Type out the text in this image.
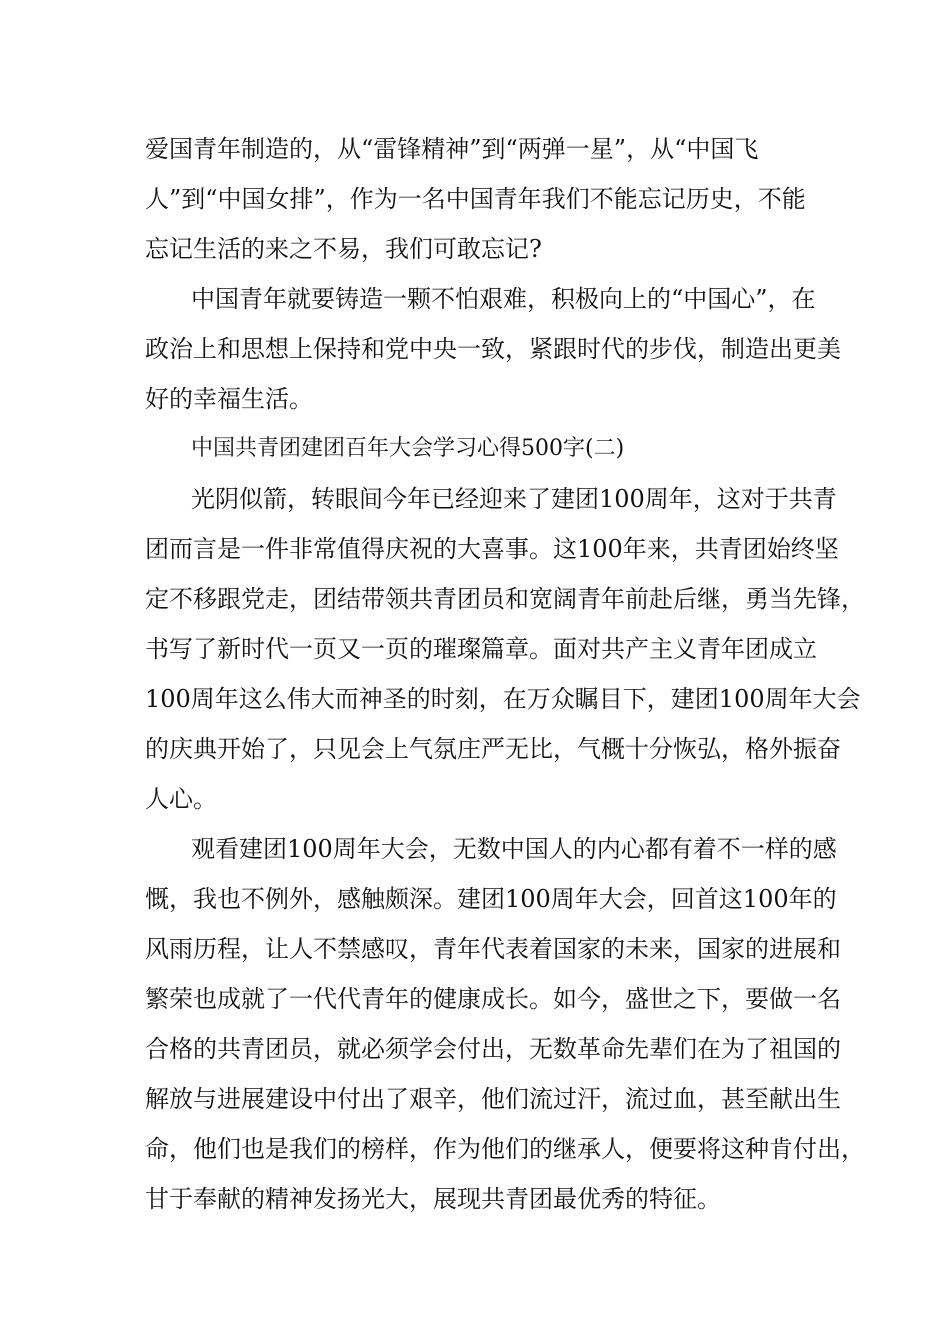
爱国青年制造的，从“雷锋精神”到“两弹一星”，从“中国飞
人”到“中国女排”，作为一名中国青年我们不能忘记历史，不能
忘记生活的来之不易，我们可敢忘记?
中国青年就要铸造一颗不怕艰难，积极向上的“中国心”，在
政治上和思想上保持和党中央一致，紧跟时代的步伐，制造出更美
好的幸福生活。
中国共青团建团百年大会学习心得500字(二)
光阴似箭，转眼间今年已经迎来了建团100周年，这对于共青
团而言是一件非常值得庆祝的大喜事。这100年来，共青团始终坚
定不移跟党走，团结带领共青团员和宽阔青年前赴后继，勇当先锋，
书写了新时代一页又一页的璀璨篇章。面对共产主义青年团成立
100周年这么伟大而神圣的时刻，在万众瞩目下，建团100周年大会
的庆典开始了，只见会上气氛庄严无比，气概十分恢弘，格外振奋
人心。
观看建团100周年大会，无数中国人的内心都有着不一样的感
慨，我也不例外，感触颇深。建团100周年大会，回首这100年的
风雨历程，让人不禁感叹，青年代表着国家的未来，国家的进展和
繁荣也成就了一代代青年的健康成长。如今，盛世之下，要做一名
合格的共青团员，就必须学会付出，无数革命先辈们在为了祖国的
解放与进展建设中付出了艰辛，他们流过汗，流过血，甚至献出生
命，他们也是我们的榜样，作为他们的继承人，便要将这种肯付出，
甘于奉献的精神发扬光大，展现共青团最优秀的特征。
